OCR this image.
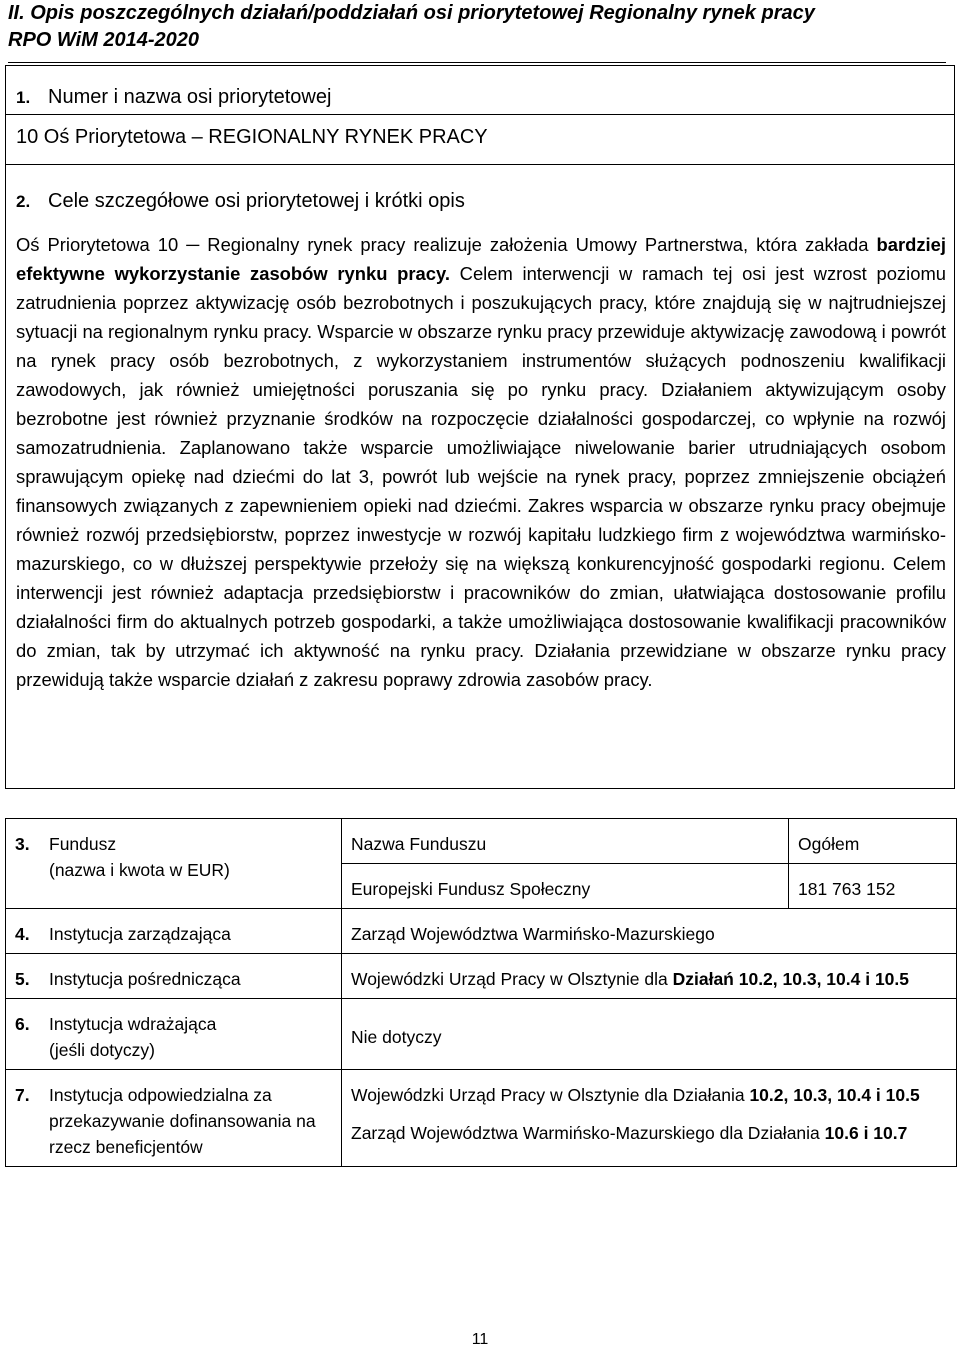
II. Opis poszczególnych działań/poddziałań osi priorytetowej Regionalny rynek pracy
RPO WiM 2014-2020
1. Numer i nazwa osi priorytetowej
10 Oś Priorytetowa – REGIONALNY RYNEK PRACY
2. Cele szczegółowe osi priorytetowej i krótki opis
Oś Priorytetowa 10 ─ Regionalny rynek pracy realizuje założenia Umowy Partnerstwa, która zakłada bardziej efektywne wykorzystanie zasobów rynku pracy. Celem interwencji w ramach tej osi jest wzrost poziomu zatrudnienia poprzez aktywizację osób bezrobotnych i poszukujących pracy, które znajdują się w najtrudniejszej sytuacji na regionalnym rynku pracy. Wsparcie w obszarze rynku pracy przewiduje aktywizację zawodową i powrót na rynek pracy osób bezrobotnych, z wykorzystaniem instrumentów służących podnoszeniu kwalifikacji zawodowych, jak również umiejętności poruszania się po rynku pracy. Działaniem aktywizującym osoby bezrobotne jest również przyznanie środków na rozpoczęcie działalności gospodarczej, co wpłynie na rozwój samozatrudnienia. Zaplanowano także wsparcie umożliwiające niwelowanie barier utrudniających osobom sprawującym opiekę nad dziećmi do lat 3, powrót lub wejście na rynek pracy, poprzez zmniejszenie obciążeń finansowych związanych z zapewnieniem opieki nad dziećmi. Zakres wsparcia w obszarze rynku pracy obejmuje również rozwój przedsiębiorstw, poprzez inwestycje w rozwój kapitału ludzkiego firm z województwa warmińsko-mazurskiego, co w dłuższej perspektywie przełoży się na większą konkurencyjność gospodarki regionu. Celem interwencji jest również adaptacja przedsiębiorstw i pracowników do zmian, ułatwiająca dostosowanie profilu działalności firm do aktualnych potrzeb gospodarki, a także umożliwiająca dostosowanie kwalifikacji pracowników do zmian, tak by utrzymać ich aktywność na rynku pracy. Działania przewidziane w obszarze rynku pracy przewidują także wsparcie działań z zakresu poprawy zdrowia zasobów pracy.
3. Fundusz
(nazwa i kwota w EUR)	Nazwa Funduszu	Ogółem
	Europejski Fundusz Społeczny	181 763 152
4. Instytucja zarządzająca	Zarząd Województwa Warmińsko-Mazurskiego	
5. Instytucja pośrednicząca	Wojewódzki Urząd Pracy w Olsztynie dla Działań 10.2, 10.3, 10.4 i 10.5	
6. Instytucja wdrażająca
(jeśli dotyczy)	Nie dotyczy	
7. Instytucja odpowiedzialna za przekazywanie dofinansowania na rzecz beneficjentów	Wojewódzki Urząd Pracy w Olsztynie dla Działania 10.2, 10.3, 10.4 i 10.5
Zarząd Województwa Warmińsko-Mazurskiego dla Działania 10.6 i 10.7	
11
